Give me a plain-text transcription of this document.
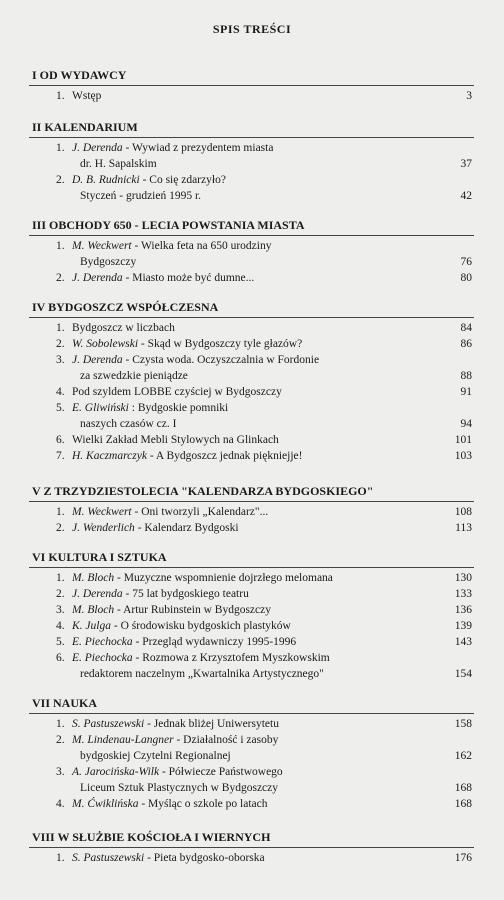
SPIS TREŚCI
I OD WYDAWCY
1. Wstęp	3
II KALENDARIUM
1. J. Derenda - Wywiad z prezydentem miasta
dr. H. Sapalskim	37
2. D. B. Rudnicki - Co się zdarzyło?
Styczeń - grudzień 1995 r.	42
III OBCHODY 650 - LECIA POWSTANIA MIASTA
1. M. Weckwert - Wielka feta na 650 urodziny
Bydgoszczy	76
2. J. Derenda - Miasto może być dumne...	80
IV BYDGOSZCZ WSPÓŁCZESNA
1. Bydgoszcz w liczbach	84
2. W. Sobolewski - Skąd w Bydgoszczy tyle głazów?	86
3. J. Derenda - Czysta woda. Oczyszczalnia w Fordonie
za szwedzkie pieniądze	88
4. Pod szyldem LOBBE czyściej w Bydgoszczy	91
5. E. Gliwiński : Bydgoskie pomniki
naszych czasów cz. I	94
6. Wielki Zakład Mebli Stylowych na Glinkach	101
7. H. Kaczmarczyk - A Bydgoszcz jednak piękniejje!	103
V Z TRZYDZIESTOLECIA "KALENDARZA BYDGOSKIEGO"
1. M. Weckwert - Oni tworzyli „Kalendarz"...	108
2. J. Wenderlich - Kalendarz Bydgoski	113
VI KULTURA I SZTUKA
1. M. Bloch - Muzyczne wspomnienie dojrzłego melomana	130
2. J. Derenda - 75 lat bydgoskiego teatru	133
3. M. Bloch - Artur Rubinstein w Bydgoszczy	136
4. K. Julga - O środowisku bydgoskich plastyków	139
5. E. Piechocka - Przegląd wydawniczy 1995-1996	143
6. E. Piechocka - Rozmowa z Krzysztofem Myszkowskim
redaktorem naczelnym „Kwartalnika Artystycznego"	154
VII NAUKA
1. S. Pastuszewski - Jednak bliżej Uniwersytetu	158
2. M. Lindenau-Langner - Działalność i zasoby
bydgoskiej Czytelni Regionalnej	162
3. A. Jarocińska-Wilk - Półwiecze Państwowego
Liceum Sztuk Plastycznych w Bydgoszczy	168
4. M. Ćwiklińska - Myśląc o szkole po latach	168
VIII W SŁUŻBIE KOŚCIOŁA I WIERNYCH
1. S. Pastuszewski - Pieta bydgosko-oborska	176
